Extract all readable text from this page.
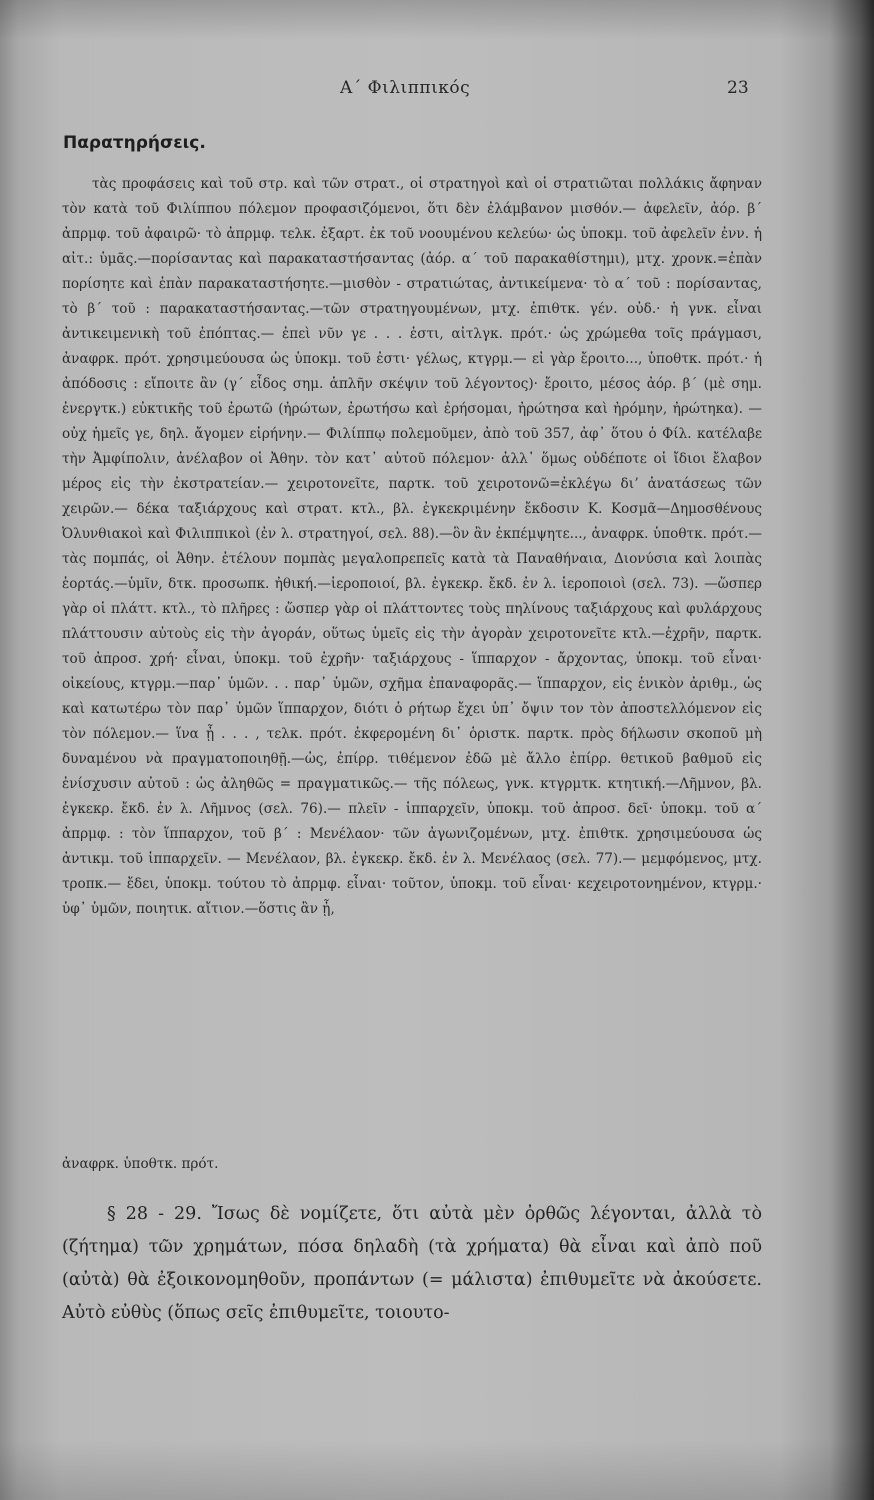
Α΄ Φιλιππικός	23
Παρατηρήσεις.

τὰς προφάσεις καὶ τοῦ στρ. καὶ τῶν στρατ., οἱ στρατηγοὶ καὶ οἱ στρατιῶται πολλάκις ἄφηναν τὸν κατὰ τοῦ Φιλίππου πόλεμον προφασιζόμενοι, ὅτι δὲν ἐλάμβανον μισθόν.— ἀφελεῖν, ἀόρ. β΄ ἀπρμφ. τοῦ ἀφαιρῶ· τὸ ἀπρμφ. τελκ. ἐξαρτ. ἐκ τοῦ νοουμένου κελεύω· ὡς ὑποκμ. τοῦ ἀφελεῖν ἐνν. ἡ αἰτ.: ὑμᾶς.—πορίσαντας καὶ παρακαταστήσαντας (ἀόρ. α΄ τοῦ παρακαθίστημι), μτχ. χρονκ.=ἐπὰν πορίσητε καὶ ἐπὰν παρακαταστήσητε.—μισθὸν - στρατιώτας, ἀντικείμενα· τὸ α΄ τοῦ : πορίσαντας, τὸ β΄ τοῦ : παρακαταστήσαντας.—τῶν στρατηγουμένων, μτχ. ἐπιθτκ. γέν. οὐδ.· ἡ γνκ. εἶναι ἀντικειμενικὴ τοῦ ἐπόπτας.— ἐπεὶ νῦν γε . . . ἐστι, αἰτλγκ. πρότ.· ὡς χρώμεθα τοῖς πράγμασι, ἀναφρκ. πρότ. χρησιμεύουσα ὡς ὑποκμ. τοῦ ἐστι· γέλως, κτγρμ.— εἰ γὰρ ἔροιτο..., ὑποθτκ. πρότ.· ἡ ἀπόδοσις : εἴποιτε ἂν (γ΄ εἶδος σημ. ἁπλῆν σκέψιν τοῦ λέγοντος)· ἔροιτο, μέσος ἀόρ. β΄ (μὲ σημ. ἐνεργτκ.) εὐκτικῆς τοῦ ἐρωτῶ (ἠρώτων, ἐρωτήσω καὶ ἐρήσομαι, ἠρώτησα καὶ ἠρόμην, ἠρώτηκα). — οὐχ ἡμεῖς γε, δηλ. ἄγομεν εἰρήνην.— Φιλίππῳ πολεμοῦμεν, ἀπὸ τοῦ 357, ἀφ᾽ ὅτου ὁ Φίλ. κατέλαβε τὴν Ἀμφίπολιν, ἀνέλαβον οἱ Ἀθην. τὸν κατ᾽ αὐτοῦ πόλεμον· ἀλλ᾽ ὅμως οὐδέποτε οἱ ἴδιοι ἔλαβον μέρος εἰς τὴν ἐκστρατείαν.— χειροτονεῖτε, παρτκ. τοῦ χειροτονῶ=ἐκλέγω διʼ ἀνατάσεως τῶν χειρῶν.— δέκα ταξιάρχους καὶ στρατ. κτλ., βλ. ἐγκεκριμένην ἔκδοσιν Κ. Κοσμᾶ—Δημοσθένους Ὀλυνθιακοὶ καὶ Φιλιππικοὶ (ἐν λ. στρατηγοί, σελ. 88).—ὃν ἂν ἐκπέμψητε..., ἀναφρκ. ὑποθτκ. πρότ.—τὰς πομπάς, οἱ Ἀθην. ἐτέλουν πομπὰς μεγαλοπρεπεῖς κατὰ τὰ Παναθήναια, Διονύσια καὶ λοιπὰς ἑορτάς.—ὑμῖν, δτκ. προσωπκ. ἠθική.—ἱεροποιοί, βλ. ἐγκεκρ. ἔκδ. ἐν λ. ἱεροποιοὶ (σελ. 73). —ὥσπερ γὰρ οἱ πλάττ. κτλ., τὸ πλῆρες : ὥσπερ γὰρ οἱ πλάττοντες τοὺς πηλίνους ταξιάρχους καὶ φυλάρχους πλάττουσιν αὐτοὺς εἰς τὴν ἀγοράν, οὕτως ὑμεῖς εἰς τὴν ἀγορὰν χειροτονεῖτε κτλ.—ἐχρῆν, παρτκ. τοῦ ἀπροσ. χρή· εἶναι, ὑποκμ. τοῦ ἐχρῆν· ταξιάρχους - ἵππαρχον - ἄρχοντας, ὑποκμ. τοῦ εἶναι· οἰκείους, κτγρμ.—παρ᾽ ὑμῶν. . . παρ᾽ ὑμῶν, σχῆμα ἐπαναφορᾶς.— ἵππαρχον, εἰς ἑνικὸν ἀριθμ., ὡς καὶ κατωτέρω τὸν παρ᾽ ὑμῶν ἵππαρχον, διότι ὁ ρήτωρ ἔχει ὑπ᾽ ὄψιν τον τὸν ἀποστελλόμενον εἰς τὸν πόλεμον.— ἵνα ᾖ . . . , τελκ. πρότ. ἐκφερομένη δι᾽ ὁριστκ. παρτκ. πρὸς δήλωσιν σκοποῦ μὴ δυναμένου νὰ πραγματοποιηθῇ.—ὡς, ἐπίρρ. τιθέμενον ἐδῶ μὲ ἄλλο ἐπίρρ. θετικοῦ βαθμοῦ εἰς ἐνίσχυσιν αὐτοῦ : ὡς ἀληθῶς = πραγματικῶς.— τῆς πόλεως, γνκ. κτγρμτκ. κτητική.—Λῆμνον, βλ. ἐγκεκρ. ἔκδ. ἐν λ. Λῆμνος (σελ. 76).— πλεῖν - ἱππαρχεῖν, ὑποκμ. τοῦ ἀπροσ. δεῖ· ὑποκμ. τοῦ α΄ ἀπρμφ. : τὸν ἵππαρχον, τοῦ β΄ : Μενέλαον· τῶν ἀγωνιζομένων, μτχ. ἐπιθτκ. χρησιμεύουσα ὡς ἀντικμ. τοῦ ἱππαρχεῖν. — Μενέλαον, βλ. ἐγκεκρ. ἔκδ. ἐν λ. Μενέλαος (σελ. 77).— μεμφόμενος, μτχ. τροπκ.— ἔδει, ὑποκμ. τούτου τὸ ἀπρμφ. εἶναι· τοῦτον, ὑποκμ. τοῦ εἶναι· κεχειροτονημένον, κτγρμ.· ὑφ᾽ ὑμῶν, ποιητικ. αἴτιον.—ὅστις ἂν ᾖ,

ἀναφρκ. ὑποθτκ. πρότ.

§ 28 - 29. Ἴσως δὲ νομίζετε, ὅτι αὐτὰ μὲν ὀρθῶς λέγονται, ἀλλὰ τὸ (ζήτημα) τῶν χρημάτων, πόσα δηλαδὴ (τὰ χρήματα) θὰ εἶναι καὶ ἀπὸ ποῦ (αὐτὰ) θὰ ἐξοικονομηθοῦν, προπάντων (= μάλιστα) ἐπιθυμεῖτε νὰ ἀκούσετε. Αὐτὸ εὐθὺς (ὅπως σεῖς ἐπιθυμεῖτε, τοιουτο-
